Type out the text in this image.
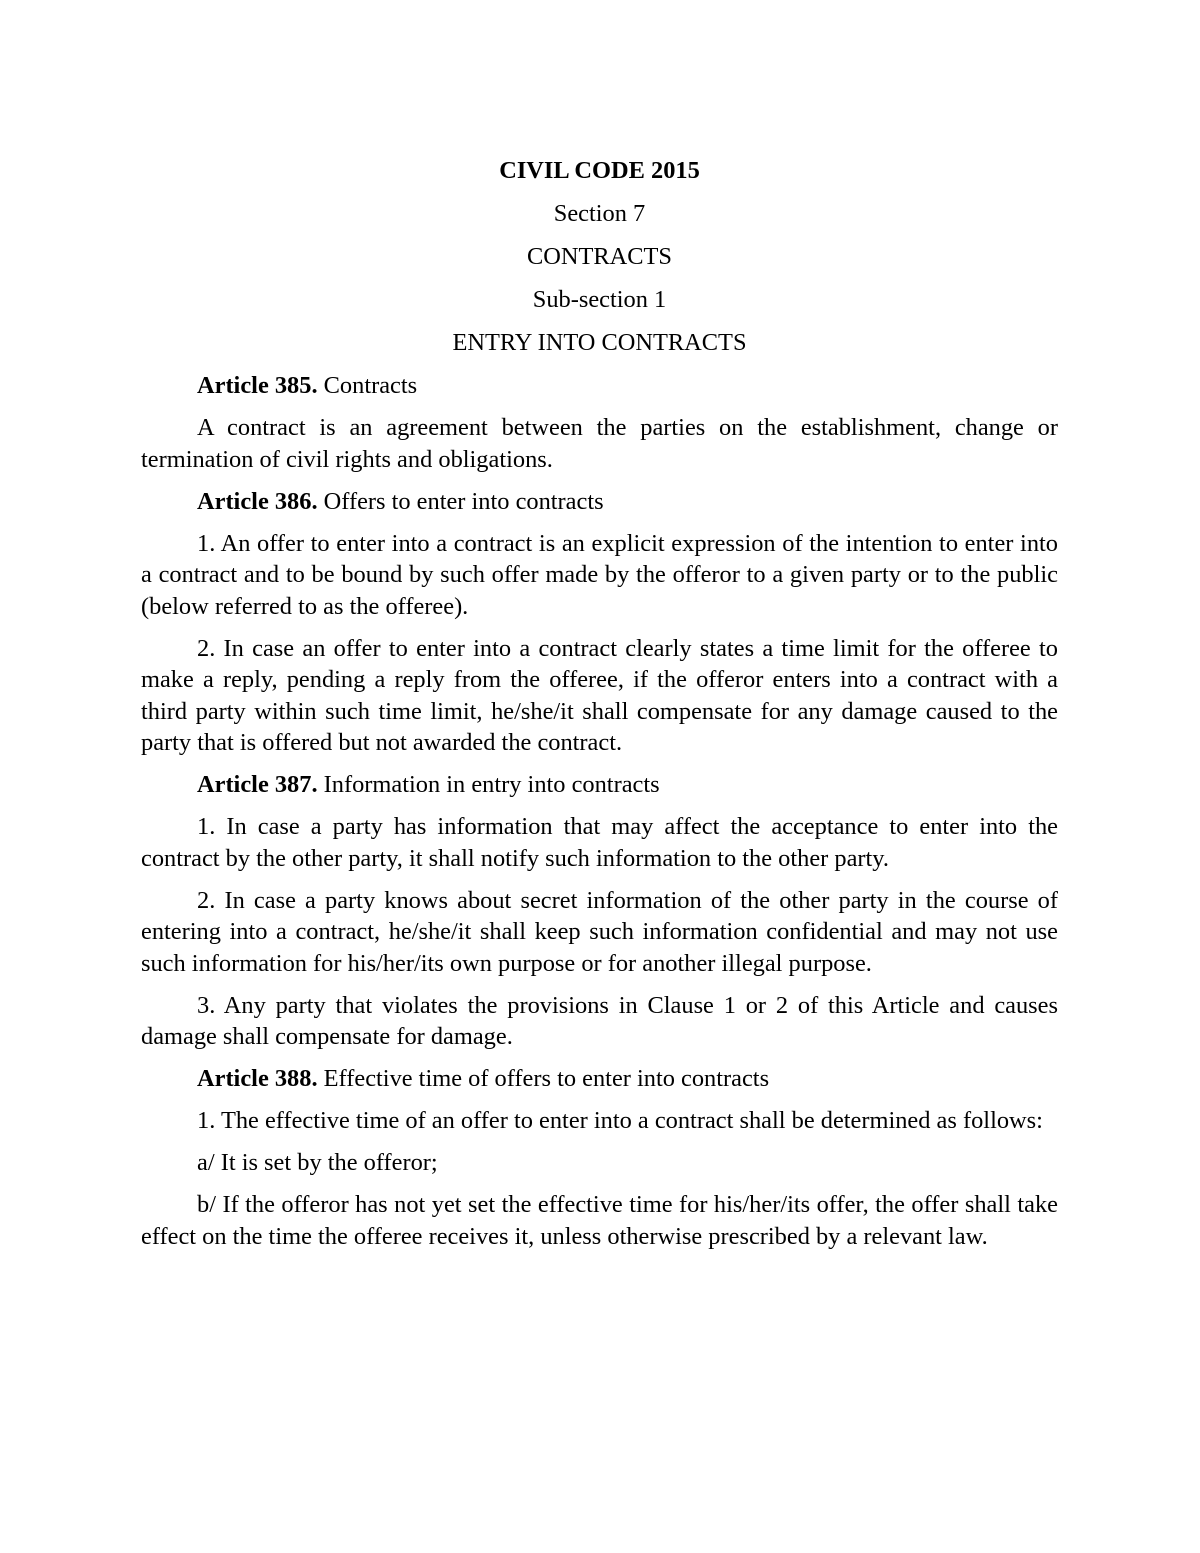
CIVIL CODE 2015

Section 7

CONTRACTS

Sub-section 1

ENTRY INTO CONTRACTS

Article 385. Contracts

A contract is an agreement between the parties on the establishment, change or termination of civil rights and obligations.

Article 386. Offers to enter into contracts

1. An offer to enter into a contract is an explicit expression of the intention to enter into a contract and to be bound by such offer made by the offeror to a given party or to the public (below referred to as the offeree).

2. In case an offer to enter into a contract clearly states a time limit for the offeree to make a reply, pending a reply from the offeree, if the offeror enters into a contract with a third party within such time limit, he/she/it shall compensate for any damage caused to the party that is offered but not awarded the contract.

Article 387. Information in entry into contracts

1. In case a party has information that may affect the acceptance to enter into the contract by the other party, it shall notify such information to the other party.

2. In case a party knows about secret information of the other party in the course of entering into a contract, he/she/it shall keep such information confidential and may not use such information for his/her/its own purpose or for another illegal purpose.

3. Any party that violates the provisions in Clause 1 or 2 of this Article and causes damage shall compensate for damage.

Article 388. Effective time of offers to enter into contracts

1. The effective time of an offer to enter into a contract shall be determined as follows:

a/ It is set by the offeror;

b/ If the offeror has not yet set the effective time for his/her/its offer, the offer shall take effect on the time the offeree receives it, unless otherwise prescribed by a relevant law.
